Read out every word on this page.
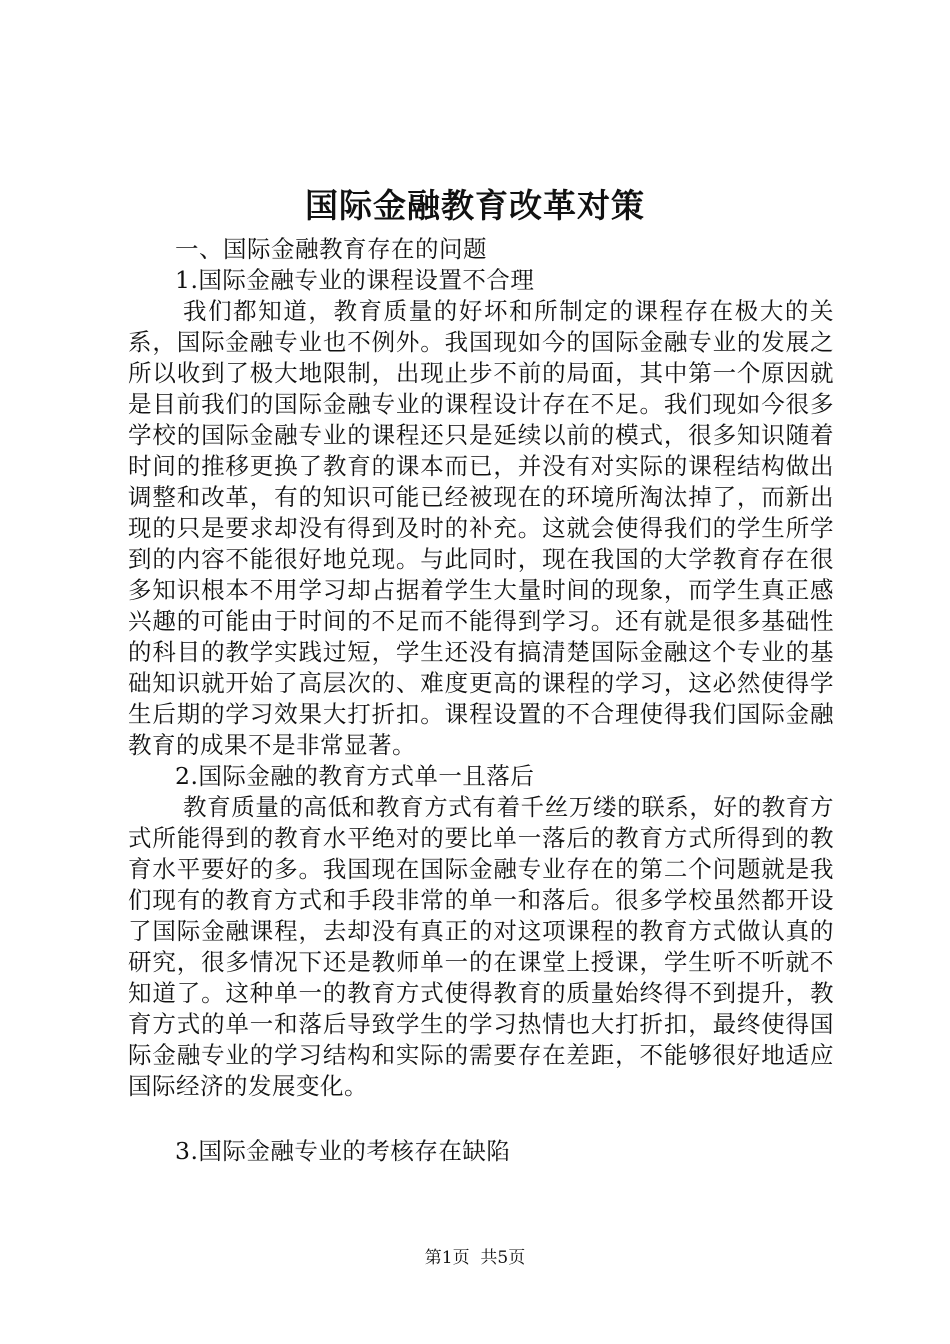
国际金融教育改革对策

一、国际金融教育存在的问题

1.国际金融专业的课程设置不合理

我们都知道，教育质量的好坏和所制定的课程存在极大的关系，国际金融专业也不例外。我国现如今的国际金融专业的发展之所以收到了极大地限制，出现止步不前的局面，其中第一个原因就是目前我们的国际金融专业的课程设计存在不足。我们现如今很多学校的国际金融专业的课程还只是延续以前的模式，很多知识随着时间的推移更换了教育的课本而已，并没有对实际的课程结构做出调整和改革，有的知识可能已经被现在的环境所淘汰掉了，而新出现的只是要求却没有得到及时的补充。这就会使得我们的学生所学到的内容不能很好地兑现。与此同时，现在我国的大学教育存在很多知识根本不用学习却占据着学生大量时间的现象，而学生真正感兴趣的可能由于时间的不足而不能得到学习。还有就是很多基础性的科目的教学实践过短，学生还没有搞清楚国际金融这个专业的基础知识就开始了高层次的、难度更高的课程的学习，这必然使得学生后期的学习效果大打折扣。课程设置的不合理使得我们国际金融教育的成果不是非常显著。

2.国际金融的教育方式单一且落后

教育质量的高低和教育方式有着千丝万缕的联系，好的教育方式所能得到的教育水平绝对的要比单一落后的教育方式所得到的教育水平要好的多。我国现在国际金融专业存在的第二个问题就是我们现有的教育方式和手段非常的单一和落后。很多学校虽然都开设了国际金融课程，去却没有真正的对这项课程的教育方式做认真的研究，很多情况下还是教师单一的在课堂上授课，学生听不听就不知道了。这种单一的教育方式使得教育的质量始终得不到提升，教育方式的单一和落后导致学生的学习热情也大打折扣，最终使得国际金融专业的学习结构和实际的需要存在差距，不能够很好地适应国际经济的发展变化。

3.国际金融专业的考核存在缺陷

第1页  共5页
